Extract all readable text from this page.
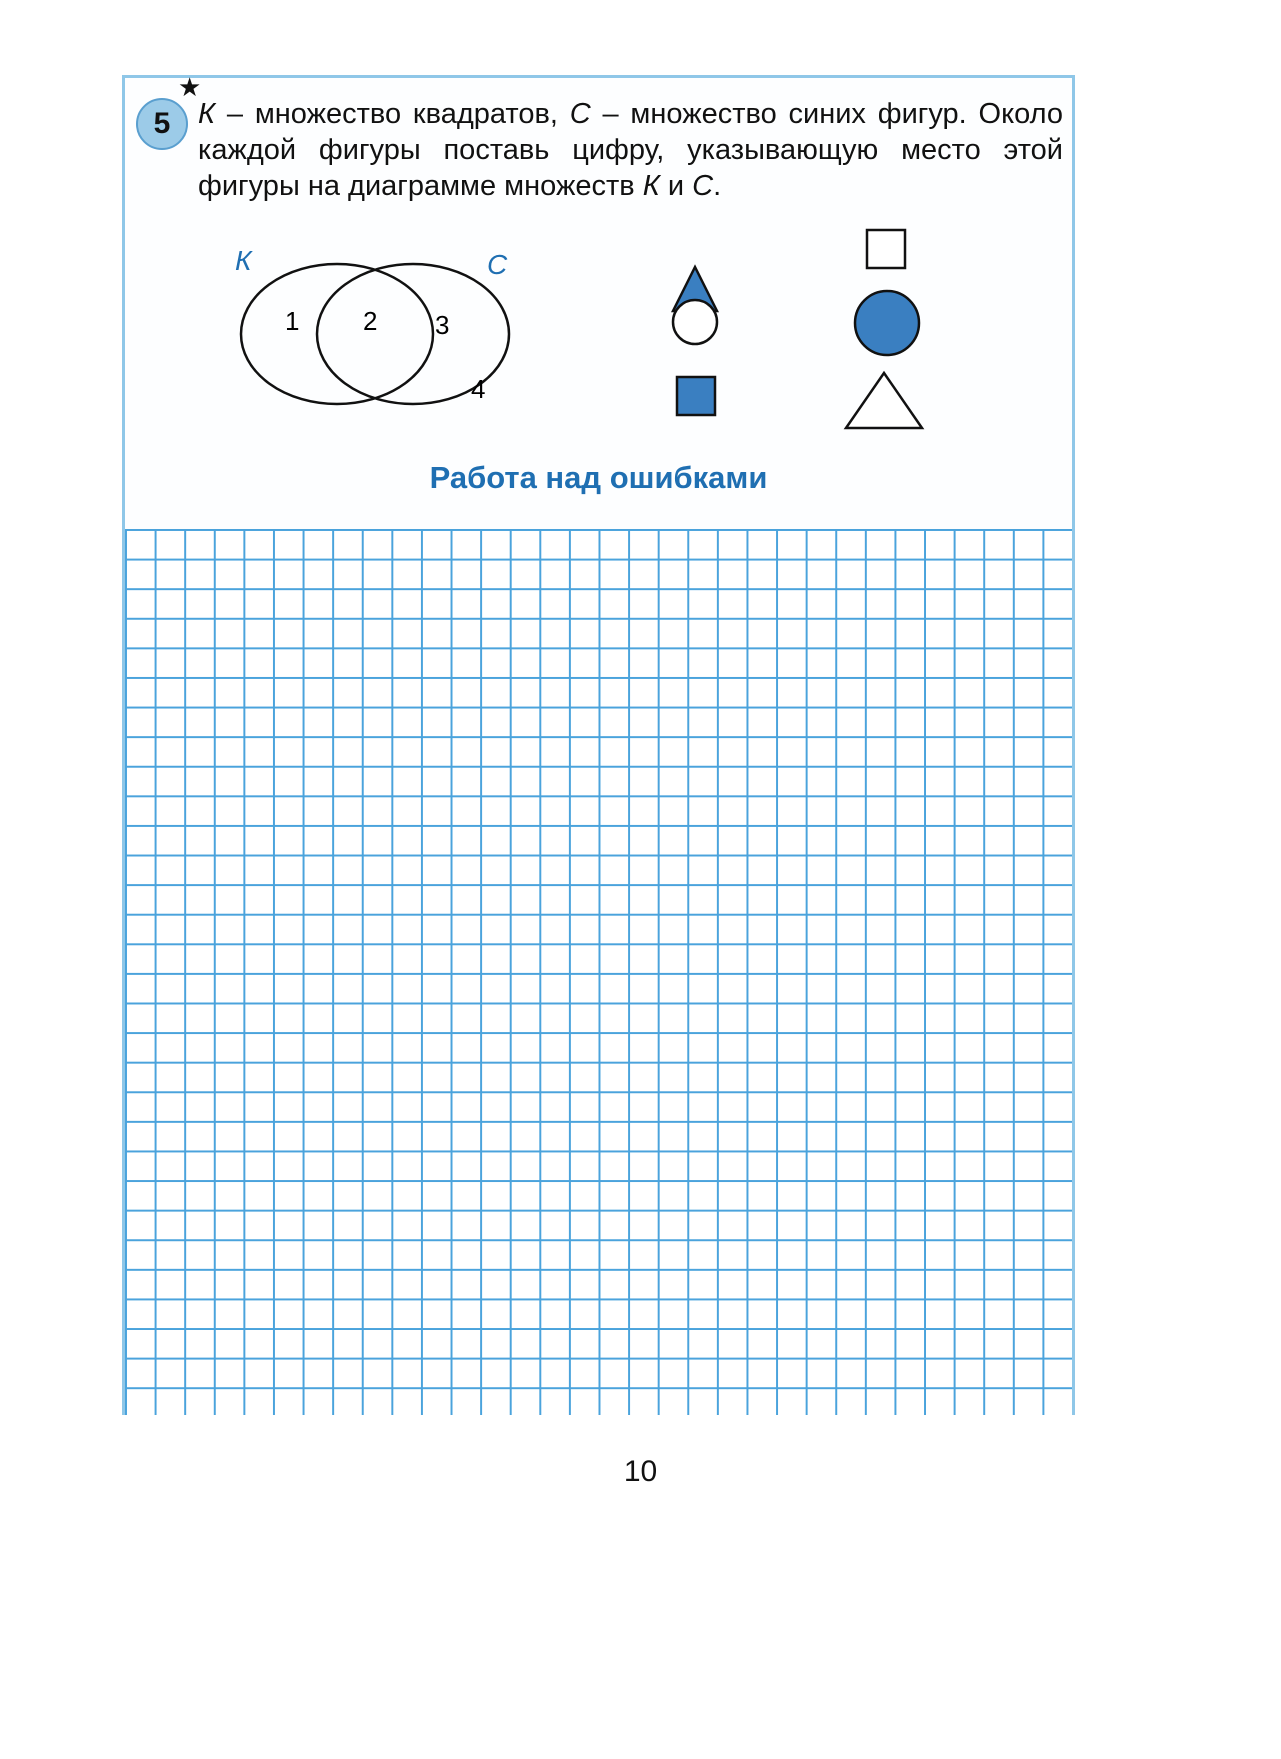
5
★
К – множество квадратов, С – множество синих фигур. Около каждой фигуры поставь цифру, указывающую место этой фигуры на диаграмме множеств К и С.
К	С
1 2 3
4
Работа над ошибками
10
